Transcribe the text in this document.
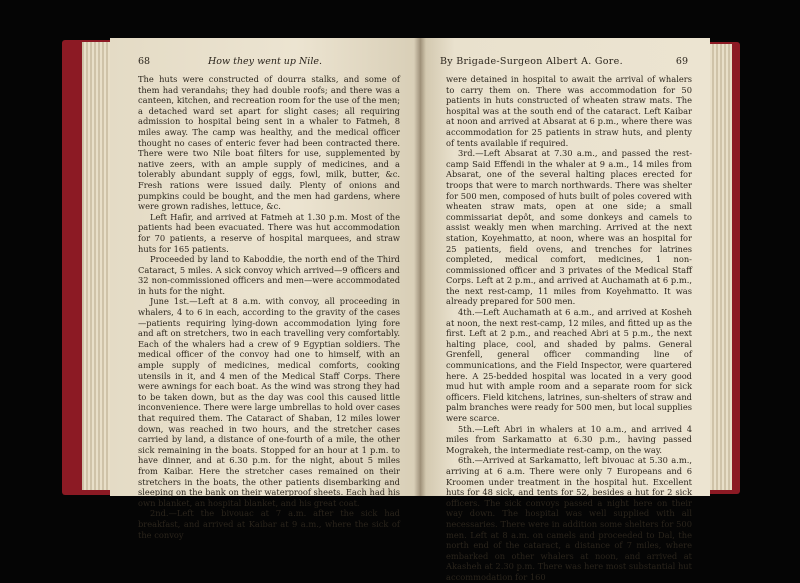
How they went up Nile.
68

The huts were constructed of dourra stalks, and some of them had verandahs; they had double roofs; and there was a canteen, kitchen, and recreation room for the use of the men; a detached ward set apart for slight cases; all requiring admission to hospital being sent in a whaler to Fatmeh, 8 miles away. The camp was healthy, and the medical officer thought no cases of enteric fever had been contracted there. There were two Nile boat filters for use, supplemented by native zeers, with an ample supply of medicines, and a tolerably abundant supply of eggs, fowl, milk, butter, &c. Fresh rations were issued daily. Plenty of onions and pumpkins could be bought, and the men had gardens, where were grown radishes, lettuce, &c.

Left Hafir, and arrived at Fatmeh at 1.30 p.m. Most of the patients had been evacuated. There was hut accommodation for 70 patients, a reserve of hospital marquees, and straw huts for 165 patients.

Proceeded by land to Kaboddie, the north end of the Third Cataract, 5 miles. A sick convoy which arrived—9 officers and 32 non-commissioned officers and men—were accommodated in huts for the night.

June 1st.—Left at 8 a.m. with convoy, all proceeding in whalers, 4 to 6 in each, according to the gravity of the cases—patients requiring lying-down accommodation lying fore and aft on stretchers, two in each travelling very comfortably. Each of the whalers had a crew of 9 Egyptian soldiers. The medical officer of the convoy had one to himself, with an ample supply of medicines, medical comforts, cooking utensils in it, and 4 men of the Medical Staff Corps. There were awnings for each boat. As the wind was strong they had to be taken down, but as the day was cool this caused little inconvenience. There were large umbrellas to hold over cases that required them. The Cataract of Shaban, 12 miles lower down, was reached in two hours, and the stretcher cases carried by land, a distance of one-fourth of a mile, the other sick remaining in the boats. Stopped for an hour at 1 p.m. to have dinner, and at 6.30 p.m. for the night, about 5 miles from Kaibar. Here the stretcher cases remained on their stretchers in the boats, the other patients disembarking and sleeping on the bank on their waterproof sheets. Each had his own blanket, an hospital blanket, and his great coat.

2nd.—Left the bivouac at 7 a.m. after the sick had breakfast, and arrived at Kaibar at 9 a.m., where the sick of the convoy

By Brigade-Surgeon Albert A. Gore.	69

were detained in hospital to await the arrival of whalers to carry them on. There was accommodation for 50 patients in huts constructed of wheaten straw mats. The hospital was at the south end of the cataract. Left Kaibar at noon and arrived at Absarat at 6 p.m., where there was accommodation for 25 patients in straw huts, and plenty of tents available if required.

3rd.—Left Absarat at 7.30 a.m., and passed the rest-camp Said Effendi in the whaler at 9 a.m., 14 miles from Absarat, one of the several halting places erected for troops that were to march northwards. There was shelter for 500 men, composed of huts built of poles covered with wheaten straw mats, open at one side; a small commissariat depôt, and some donkeys and camels to assist weakly men when marching. Arrived at the next station, Koyehmatto, at noon, where was an hospital for 25 patients, field ovens, and trenches for latrines completed, medical comfort, medicines, 1 non-commissioned officer and 3 privates of the Medical Staff Corps. Left at 2 p.m., and arrived at Auchamath at 6 p.m., the next rest-camp, 11 miles from Koyehmatto. It was already prepared for 500 men.

4th.—Left Auchamath at 6 a.m., and arrived at Kosheh at noon, the next rest-camp, 12 miles, and fitted up as the first. Left at 2 p.m., and reached Abri at 5 p.m., the next halting place, cool, and shaded by palms. General Grenfell, general officer commanding line of communications, and the Field Inspector, were quartered here. A 25-bedded hospital was located in a very good mud hut with ample room and a separate room for sick officers. Field kitchens, latrines, sun-shelters of straw and palm branches were ready for 500 men, but local supplies were scarce.

5th.—Left Abri in whalers at 10 a.m., and arrived 4 miles from Sarkamatto at 6.30 p.m., having passed Mograkeh, the intermediate rest-camp, on the way.

6th.—Arrived at Sarkamatto, left bivouac at 5.30 a.m., arriving at 6 a.m. There were only 7 Europeans and 6 Kroomen under treatment in the hospital hut. Excellent huts for 48 sick, and tents for 52, besides a hut for 2 sick officers. The sick convoys passed a night here on their way down. The hospital was well supplied with all necessaries. There were in addition some shelters for 500 men. Left at 8 a.m. on camels and proceeded to Dal, the north end of the cataract, a distance of 7 miles, where embarked on other whalers at noon, and arrived at Akasheh at 2.30 p.m. There was here most substantial hut accommodation for 160
